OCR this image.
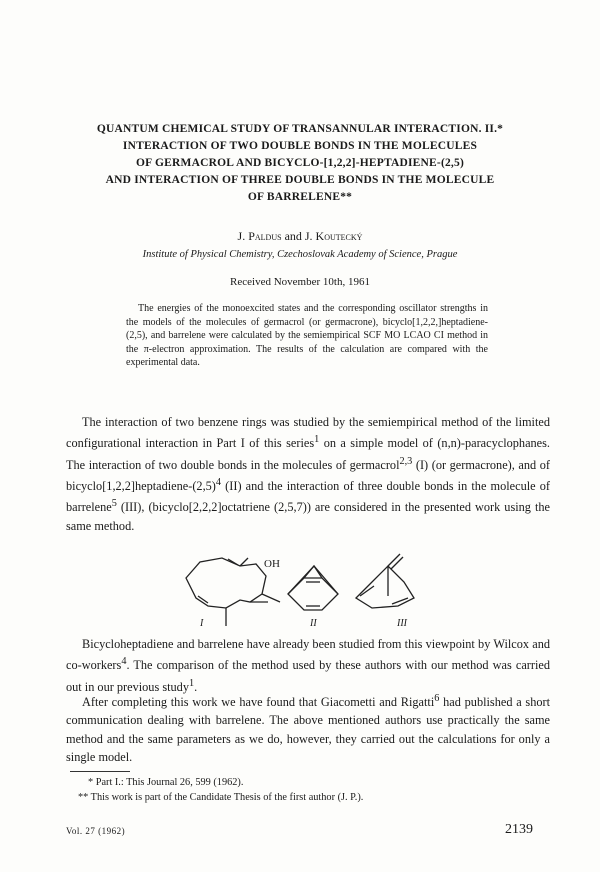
QUANTUM CHEMICAL STUDY OF TRANSANNULAR INTERACTION. II.*
INTERACTION OF TWO DOUBLE BONDS IN THE MOLECULES
OF GERMACROL AND BICYCLO-[1,2,2]-HEPTADIENE-(2,5)
AND INTERACTION OF THREE DOUBLE BONDS IN THE MOLECULE
OF BARRELENE**
J. Paldus and J. Koutecký
Institute of Physical Chemistry, Czechoslovak Academy of Science, Prague
Received November 10th, 1961
The energies of the monoexcited states and the corresponding oscillator strengths in the models of the molecules of germacrol (or germacrone), bicyclo[1,2,2,]heptadiene-(2,5), and barrelene were calculated by the semiempirical SCF MO LCAO CI method in the π-electron approximation. The results of the calculation are compared with the experimental data.
The interaction of two benzene rings was studied by the semiempirical method of the limited configurational interaction in Part I of this series$^1$ on a simple model of (n,n)-paracyclophanes. The interaction of two double bonds in the molecules of germacrol$^{2,3}$ (I) (or germacrone), and of $bicyclo[1,2,2]heptadiene-(2,5)^4$ (II) and the interaction of three double bonds in the molecule of barrelene$^5$ (III), (bicyclo[2,2,2]octatriene (2,5,7)) are considered in the presented work using the same method.
OH
I	II	III
Bicycloheptadiene and barrelene have already been studied from this viewpoint by Wilcox and co-workers$^4$. The comparison of the method used by these authors with our method was carried out in our previous study$^1$.
After completing this work we have found that Giacometti and Rigatti$^6$ had published a short communication dealing with barrelene. The above mentioned authors use practically the same method and the same parameters as we do, however, they carried out the calculations for only a single model.
* Part I.: This Journal 26, 599 (1962).
** This work is part of the Candidate Thesis of the first author (J. P.).
Vol. 27 (1962)	2139
